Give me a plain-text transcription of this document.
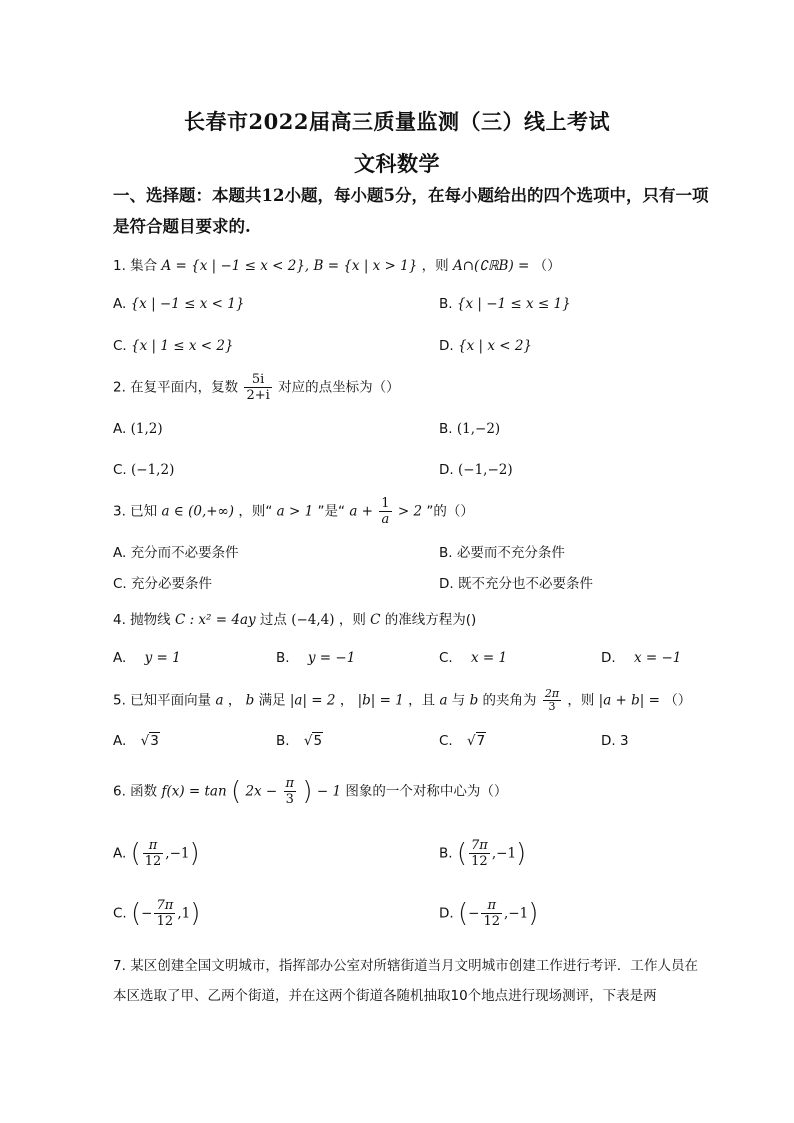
长春市2022届高三质量监测（三）线上考试
文科数学
一、选择题：本题共12小题，每小题5分，在每小题给出的四个选项中，只有一项
是符合题目要求的.
1. 集合 A = {x | −1 ≤ x < 2}, B = {x | x > 1} ，则 A∩(∁ℝB) = （）
A. {x | −1 ≤ x < 1}	B. {x | −1 ≤ x ≤ 1}
C. {x | 1 ≤ x < 2}	D. {x | x < 2}
2. 在复平面内，复数 $\frac{5i}{2+i}$ 对应的点坐标为（）
A. (1,2)	B. (1,−2)
C. (−1,2)	D. (−1,−2)
3. 已知 a ∈ (0,+∞) ，则“ a > 1 ”是“ $a + \frac{1}{a} > 2$ ”的（）
A. 充分而不必要条件	B. 必要而不充分条件
C. 充分必要条件	D. 既不充分也不必要条件
4. 抛物线 C : x² = 4ay 过点 (−4,4) ，则 C 的准线方程为()
A. y = 1	B. y = −1	C. x = 1	D. x = −1
5. 已知平面向量 a ， b 满足 |a| = 2 ， |b| = 1 ，且 a 与 b 的夹角为 $\frac{2\pi}{3}$ ，则 |a + b| = （）
A. √3	B. √5	C. √7	D. 3
6. 函数 f(x) = tan ( $2x - \frac{\pi}{3}$ ) − 1 图象的一个对称中心为（）
A. ( $\frac{\pi}{12} ,-1$)	B. ( $\frac{7\pi}{12} ,-1$)
C. (− $\frac{7\pi}{12} ,1$)	D. (− $\frac{\pi}{12} ,-1$)
7. 某区创建全国文明城市，指挥部办公室对所辖街道当月文明城市创建工作进行考评．工作人员在本区选取了甲、乙两个街道，并在这两个街道各随机抽取10个地点进行现场测评，下表是两
